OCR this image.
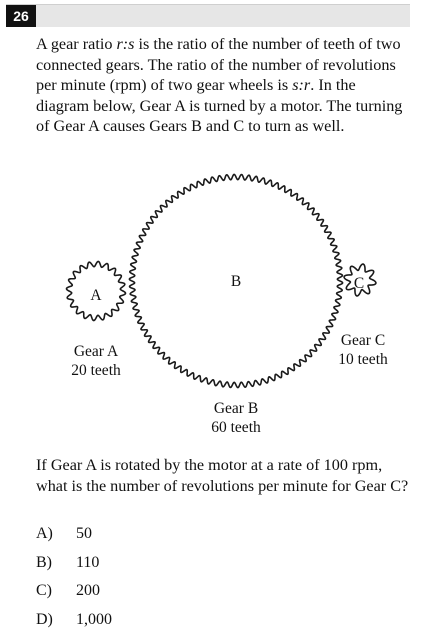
26

A gear ratio r:s is the ratio of the number of teeth of two connected gears. The ratio of the number of revolutions per minute (rpm) of two gear wheels is s:r. In the diagram below, Gear A is turned by a motor. The turning of Gear A causes Gears B and C to turn as well.

A
B	C
Gear A
20 teeth
Gear B
60 teeth
Gear C
10 teeth

If Gear A is rotated by the motor at a rate of 100 rpm, what is the number of revolutions per minute for Gear C?

A) 50
B) 110
C) 200
D) 1,000
